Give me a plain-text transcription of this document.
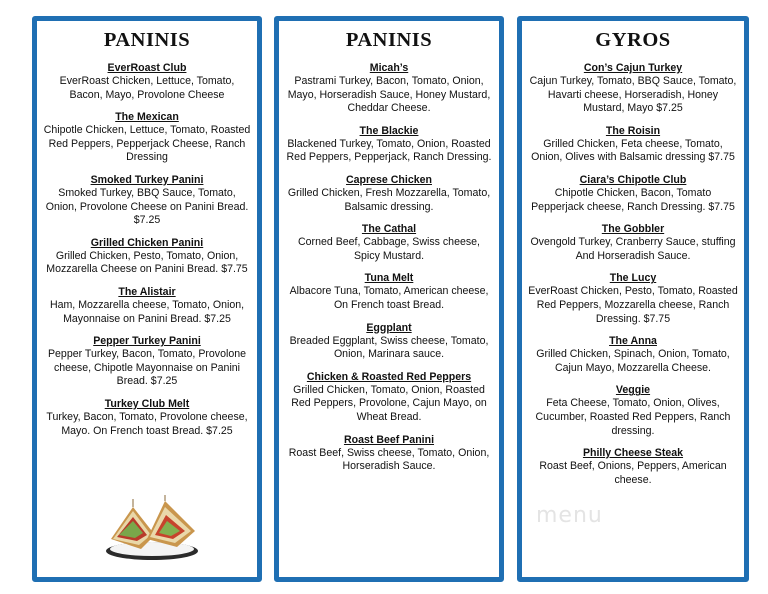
PANINIS
EverRoast Club
EverRoast Chicken, Lettuce, Tomato, Bacon, Mayo, Provolone Cheese
The Mexican
Chipotle Chicken, Lettuce, Tomato, Roasted Red Peppers, Pepperjack Cheese, Ranch Dressing
Smoked Turkey Panini
Smoked Turkey, BBQ Sauce, Tomato, Onion, Provolone Cheese on Panini Bread. $7.25
Grilled Chicken Panini
Grilled Chicken, Pesto, Tomato, Onion, Mozzarella Cheese on Panini Bread. $7.75
The Alistair
Ham, Mozzarella cheese, Tomato, Onion, Mayonnaise on Panini Bread. $7.25
Pepper Turkey Panini
Pepper Turkey, Bacon, Tomato, Provolone cheese, Chipotle Mayonnaise on Panini Bread. $7.25
Turkey Club Melt
Turkey, Bacon, Tomato, Provolone cheese, Mayo. On French toast Bread. $7.25
PANINIS
Micah’s
Pastrami Turkey, Bacon, Tomato, Onion, Mayo, Horseradish Sauce, Honey Mustard, Cheddar Cheese.
The Blackie
Blackened Turkey, Tomato, Onion, Roasted Red Peppers, Pepperjack, Ranch Dressing.
Caprese Chicken
Grilled Chicken, Fresh Mozzarella, Tomato, Balsamic dressing.
The Cathal
Corned Beef, Cabbage, Swiss cheese, Spicy Mustard.
Tuna Melt
Albacore Tuna, Tomato, American cheese, On French toast Bread.
Eggplant
Breaded Eggplant, Swiss cheese, Tomato, Onion, Marinara sauce.
Chicken & Roasted Red Peppers
Grilled Chicken, Tomato, Onion, Roasted Red Peppers, Provolone, Cajun Mayo, on Wheat Bread.
Roast Beef Panini
Roast Beef, Swiss cheese, Tomato, Onion, Horseradish Sauce.
GYROS
Con’s Cajun Turkey
Cajun Turkey, Tomato, BBQ Sauce, Tomato, Havarti cheese, Horseradish, Honey Mustard, Mayo $7.25
The Roisin
Grilled Chicken, Feta cheese, Tomato, Onion, Olives with Balsamic dressing $7.75
Ciara’s Chipotle Club
Chipotle Chicken, Bacon, Tomato Pepperjack cheese, Ranch Dressing. $7.75
The Gobbler
Ovengold Turkey, Cranberry Sauce, stuffing And Horseradish Sauce.
The Lucy
EverRoast Chicken, Pesto, Tomato, Roasted Red Peppers, Mozzarella cheese, Ranch Dressing. $7.75
The Anna
Grilled Chicken, Spinach, Onion, Tomato, Cajun Mayo, Mozzarella Cheese.
Veggie
Feta Cheese, Tomato, Onion, Olives, Cucumber, Roasted Red Peppers, Ranch dressing.
Philly Cheese Steak
Roast Beef, Onions, Peppers, American cheese.
menu
